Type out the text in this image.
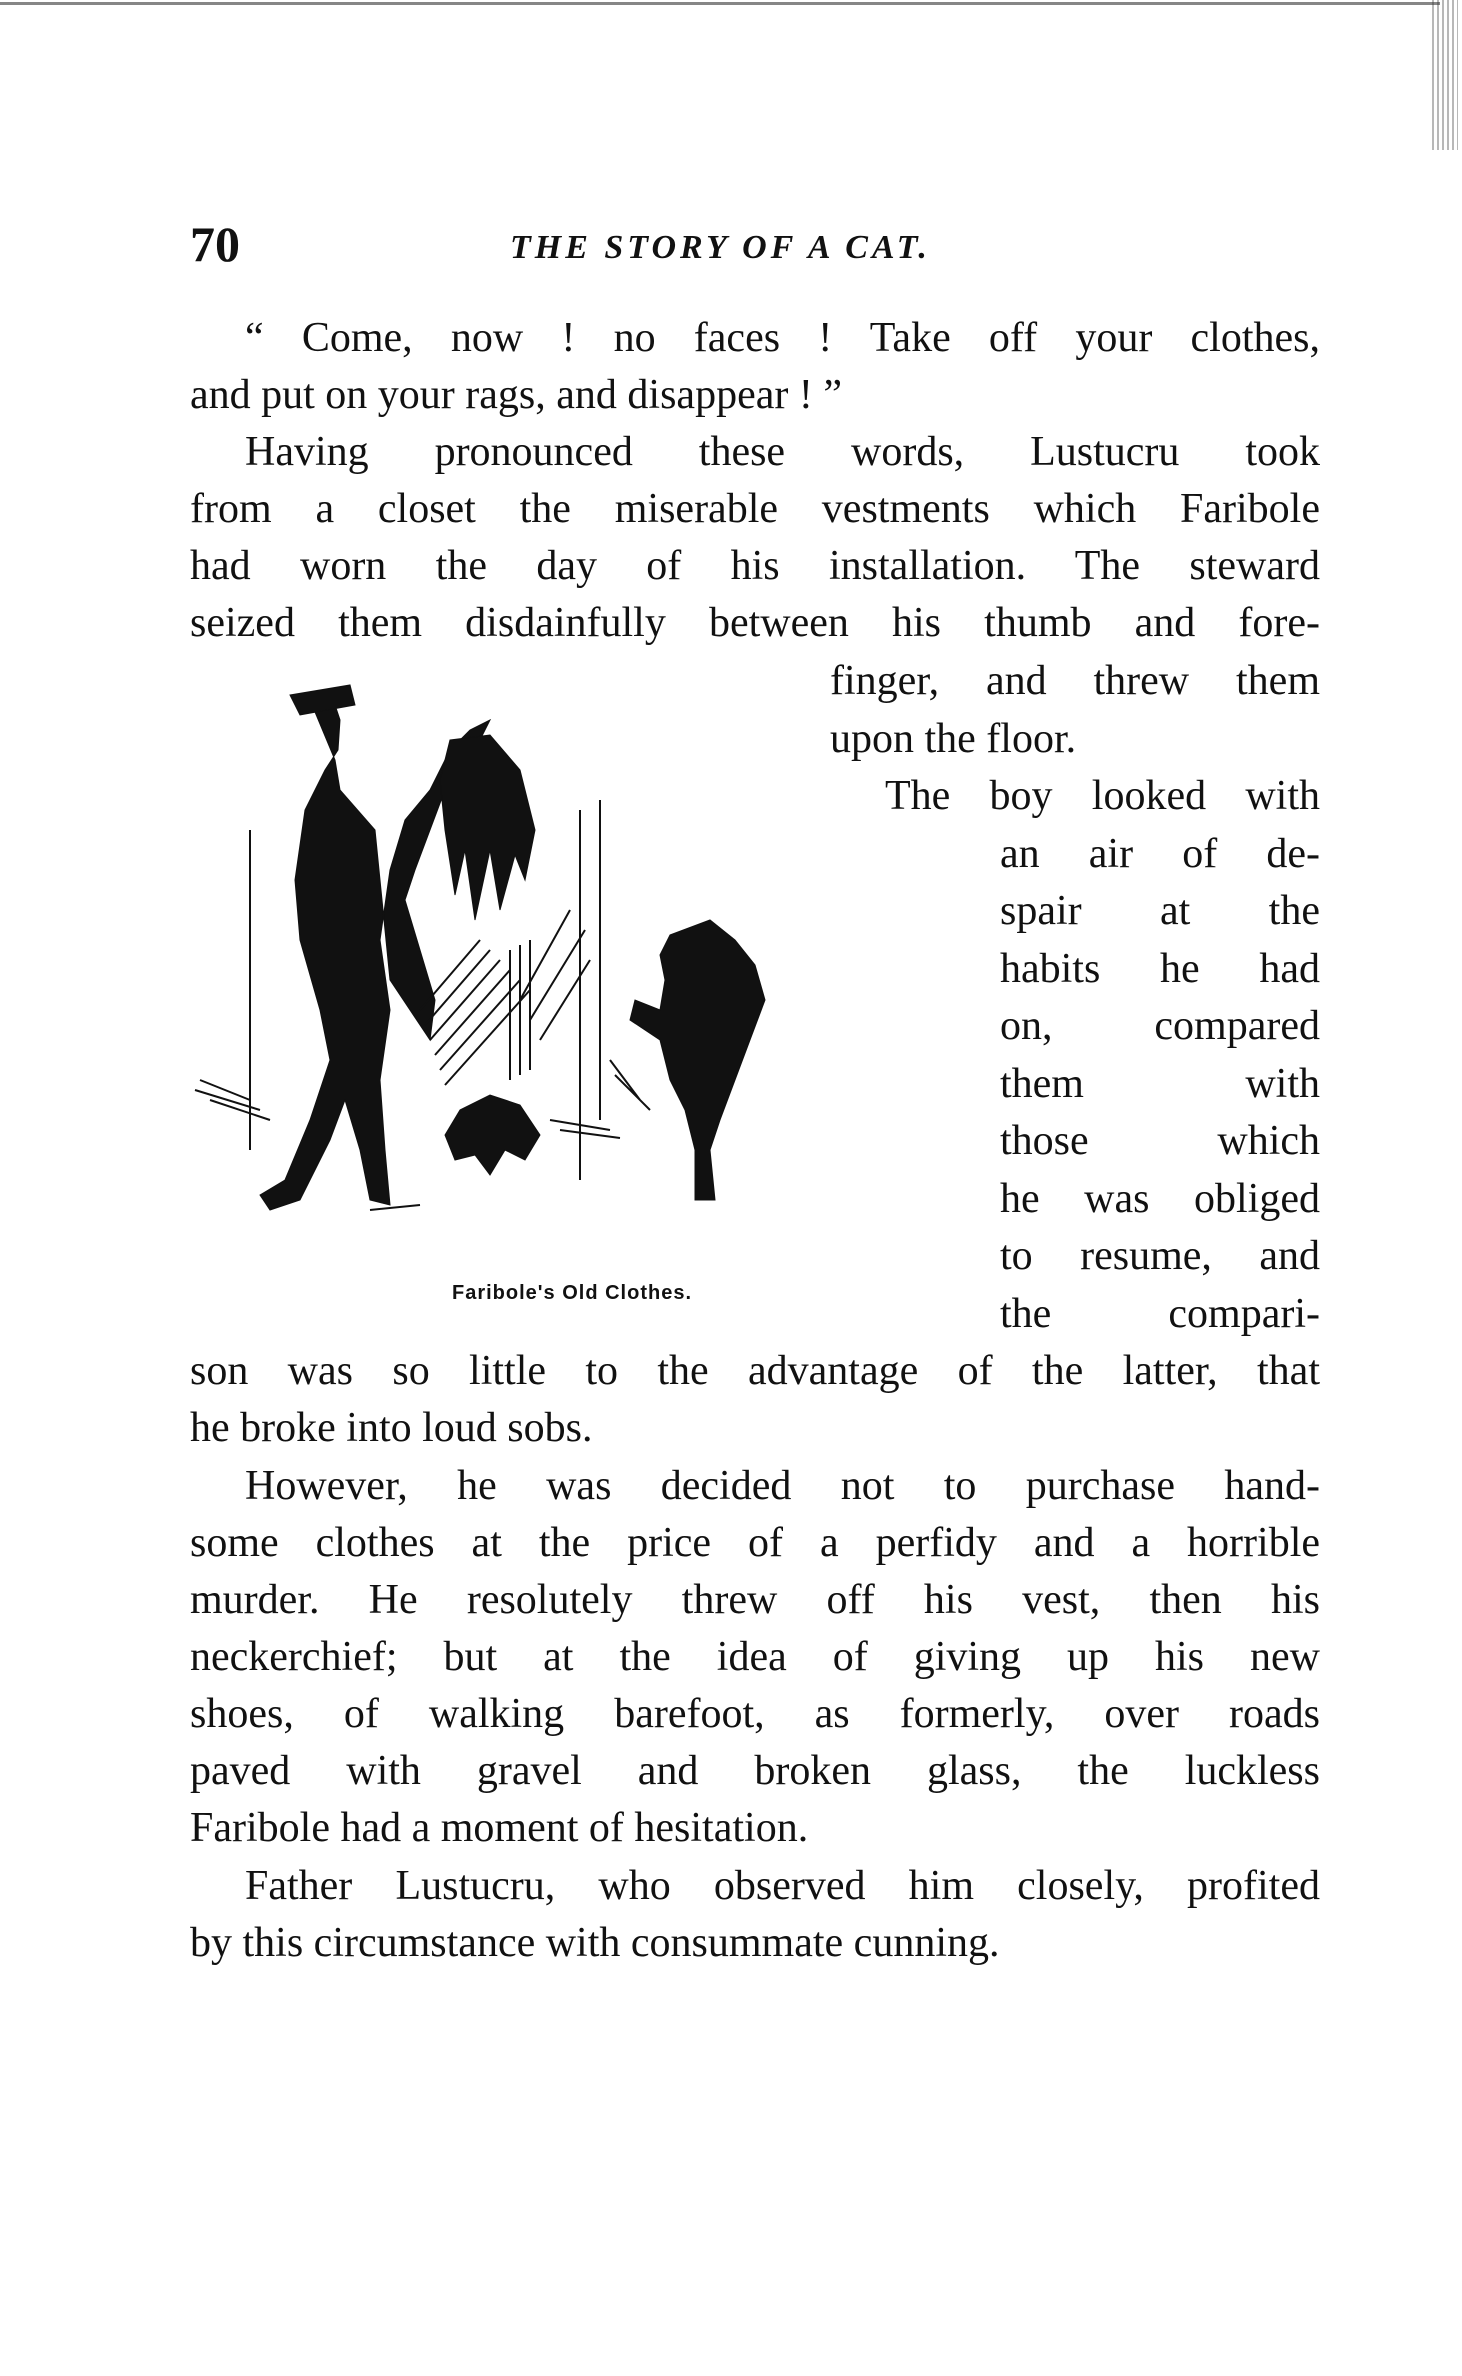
70	THE STORY OF A CAT.
“ Come, now ! no faces ! Take off your clothes,
and put on your rags, and disappear ! ”
Having pronounced these words, Lustucru took
from a closet the miserable vestments which Faribole
had worn the day of his installation. The steward
seized them disdainfully between his thumb and fore-
finger, and threw them
upon the floor.
The boy looked with
an air of de-
spair at the
habits he had
on, compared
them with
those which
he was obliged
to resume, and
the compari-
Faribole's Old Clothes.
son was so little to the advantage of the latter, that
he broke into loud sobs.
However, he was decided not to purchase hand-
some clothes at the price of a perfidy and a horrible
murder. He resolutely threw off his vest, then his
neckerchief; but at the idea of giving up his new
shoes, of walking barefoot, as formerly, over roads
paved with gravel and broken glass, the luckless
Faribole had a moment of hesitation.
Father Lustucru, who observed him closely, profited
by this circumstance with consummate cunning.
